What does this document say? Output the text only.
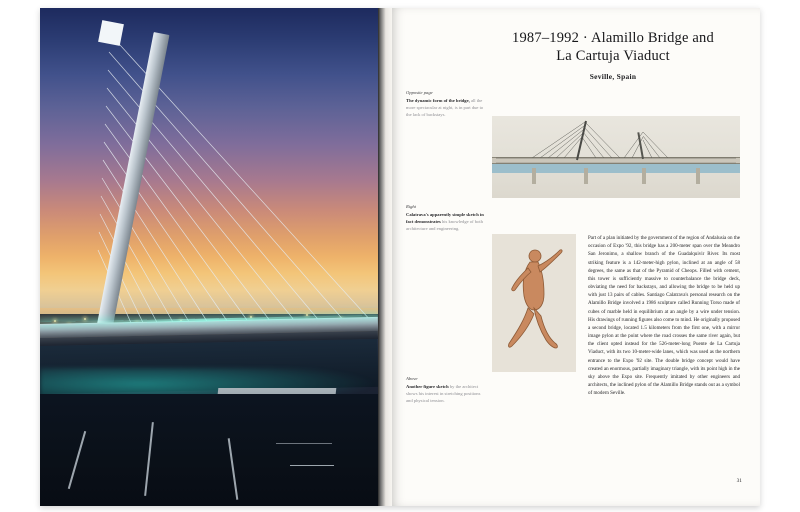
1987–1992 · Alamillo Bridge and
La Cartuja Viaduct
Seville, Spain
Opposite page
The dynamic form of the bridge, all the more spectacular at night, is in part due to the lack of backstays.
Right
Calatrava's apparently simple sketch in fact demonstrates his knowledge of both architecture and engineering.
Above
Another figure sketch by the architect shows his interest in stretching positions and physical tension.
Part of a plan initiated by the government of the region of Andalusia on the occasion of Expo '92, this bridge has a 200-meter span over the Meandro San Jeronimo, a shallow branch of the Guadalquivir River. Its most striking feature is a 142-meter-high pylon, inclined at an angle of 58 degrees, the same as that of the Pyramid of Cheops. Filled with cement, this tower is sufficiently massive to counterbalance the bridge deck, obviating the need for backstays, and allowing the bridge to be held up with just 13 pairs of cables. Santiago Calatrava's personal research on the Alamillo Bridge involved a 1986 sculpture called Running Torso made of cubes of marble held in equilibrium at an angle by a wire under tension. His drawings of running figures also come to mind. He originally proposed a second bridge, located 1.5 kilometers from the first one, with a mirror image pylon at the point where the road crosses the same river again, but the client opted instead for the 526-meter-long Puente de La Cartuja Viaduct, with its two 10-meter-wide lanes, which was used as the northern entrance to the Expo '92 site. The double bridge concept would have created an enormous, partially imaginary triangle, with its point high in the sky above the Expo site. Frequently imitated by other engineers and architects, the inclined pylon of the Alamillo Bridge stands out as a symbol of modern Seville.
31
